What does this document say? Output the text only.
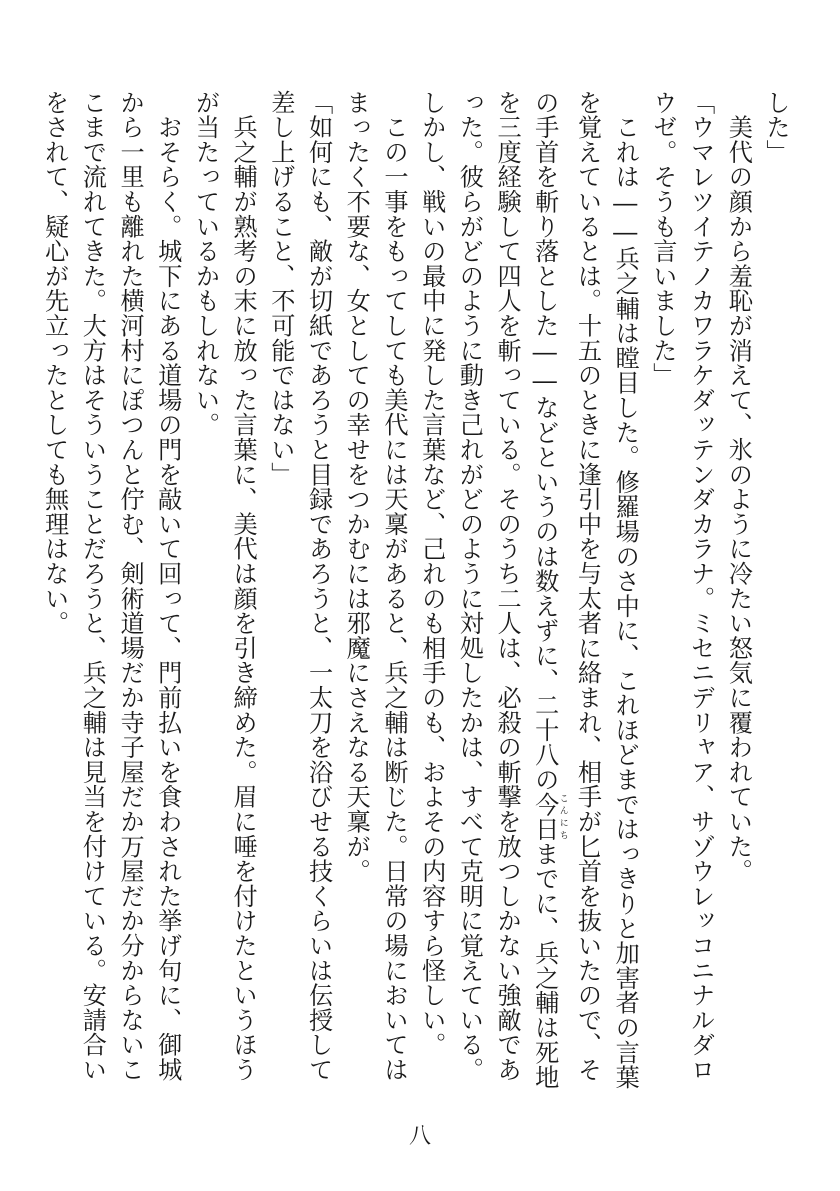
した」
　美代の顔から羞恥が消えて、氷のように冷たい怒気に覆われていた。
「ウマレツイテノカワラケダッテンダカラナ。ミセニデリャア、サゾウレッコニナルダロ
ウゼ。そうも言いました」
　これは――兵之輔は瞠目した。修羅場のさ中に、これほどまではっきりと加害者の言葉
を覚えているとは。十五のときに逢引中を与太者に絡まれ、相手が匕首を抜いたので、そ
の手首を斬り落とした――などというのは数えずに、二十八の今日 こんにちまでに、兵之輔は死地
を三度経験して四人を斬っている。そのうち二人は、必殺の斬撃を放つしかない強敵であ
った。彼らがどのように動き己れがどのように対処したかは、すべて克明に覚えている。
しかし、戦いの最中に発した言葉など、己れのも相手のも、およその内容すら怪しい。
　この一事をもってしても美代には天稟があると、兵之輔は断じた。日常の場においては
まったく不要な、女としての幸せをつかむには邪魔にさえなる天稟が。
「如何にも、敵が切紙であろうと目録であろうと、一太刀を浴びせる技くらいは伝授して
差し上げること、不可能ではない」
　兵之輔が熟考の末に放った言葉に、美代は顔を引き締めた。眉に唾を付けたというほう
が当たっているかもしれない。
　おそらく。城下にある道場の門を敲いて回って、門前払いを食わされた挙げ句に、御城
から一里も離れた横河村にぽつんと佇む、剣術道場だか寺子屋だか万屋だか分からないこ
こまで流れてきた。大方はそういうことだろうと、兵之輔は見当を付けている。安請合い
をされて、疑心が先立ったとしても無理はない。
八
